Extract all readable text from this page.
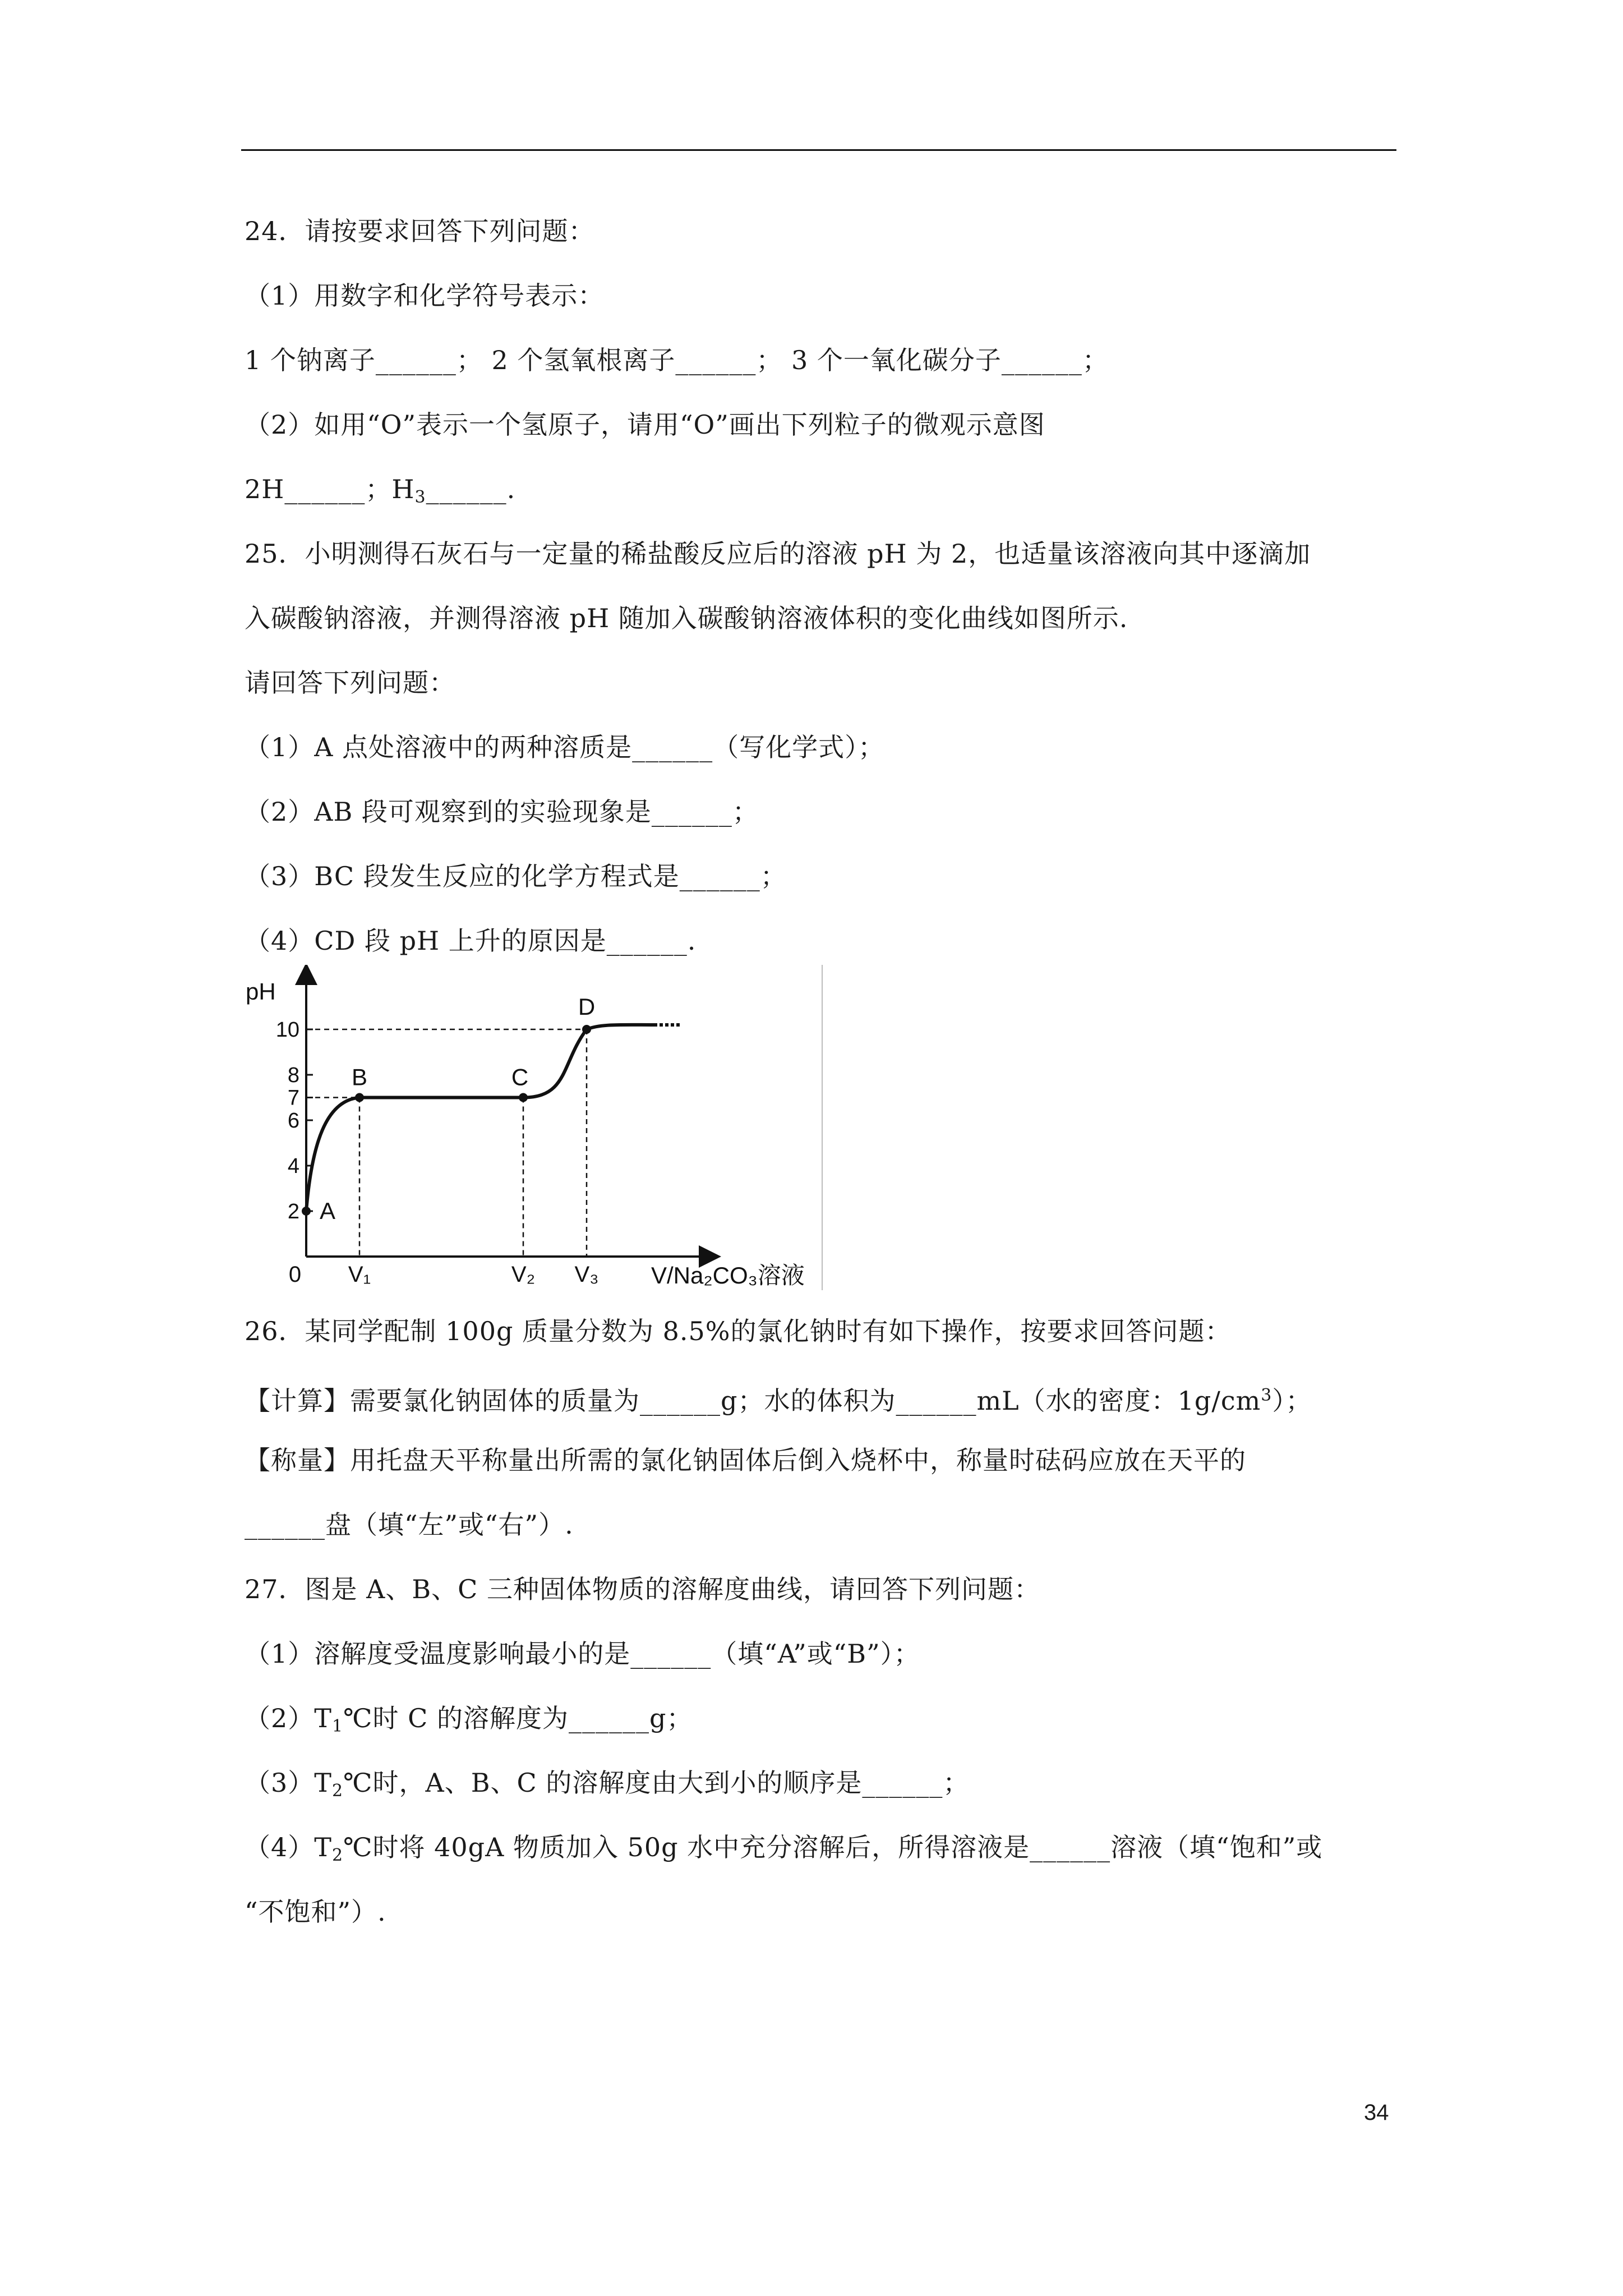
24．请按要求回答下列问题：
（1）用数字和化学符号表示：
1 个钠离子______； 2 个氢氧根离子______； 3 个一氧化碳分子______；
（2）如用“O”表示一个氢原子，请用“O”画出下列粒子的微观示意图
2H______；$H_3\_\_\_\_\_\_$.
25．小明测得石灰石与一定量的稀盐酸反应后的溶液 pH 为 2，也适量该溶液向其中逐滴加
入碳酸钠溶液，并测得溶液 pH 随加入碳酸钠溶液体积的变化曲线如图所示.
请回答下列问题：
（1）A 点处溶液中的两种溶质是______（写化学式）；
（2）AB 段可观察到的实验现象是______；
（3）BC 段发生反应的化学方程式是______；
（4）CD 段 pH 上升的原因是______.
2
4
6
7
8
10
0 V₁	V₂ V₃
A
B	C
D
pH
V/Na₂CO₃溶液
26．某同学配制 100g 质量分数为 8.5%的氯化钠时有如下操作，按要求回答问题：
【计算】需要氯化钠固体的质量为______g；水的体积为______mL（水的密度：$1g/cm^3$）；
【称量】用托盘天平称量出所需的氯化钠固体后倒入烧杯中，称量时砝码应放在天平的
______盘（填“左”或“右”）.
27．图是 A、B、C 三种固体物质的溶解度曲线，请回答下列问题：
（1）溶解度受温度影响最小的是______（填“A”或“B”）；
$(2)T_1℃$时 C 的溶解度为______g；
$(3)T_2℃$时，A、B、C 的溶解度由大到小的顺序是______；
$(4)T_2℃$时将 40gA 物质加入 50g 水中充分溶解后，所得溶液是______溶液（填“饱和”或
“不饱和”）.
34
